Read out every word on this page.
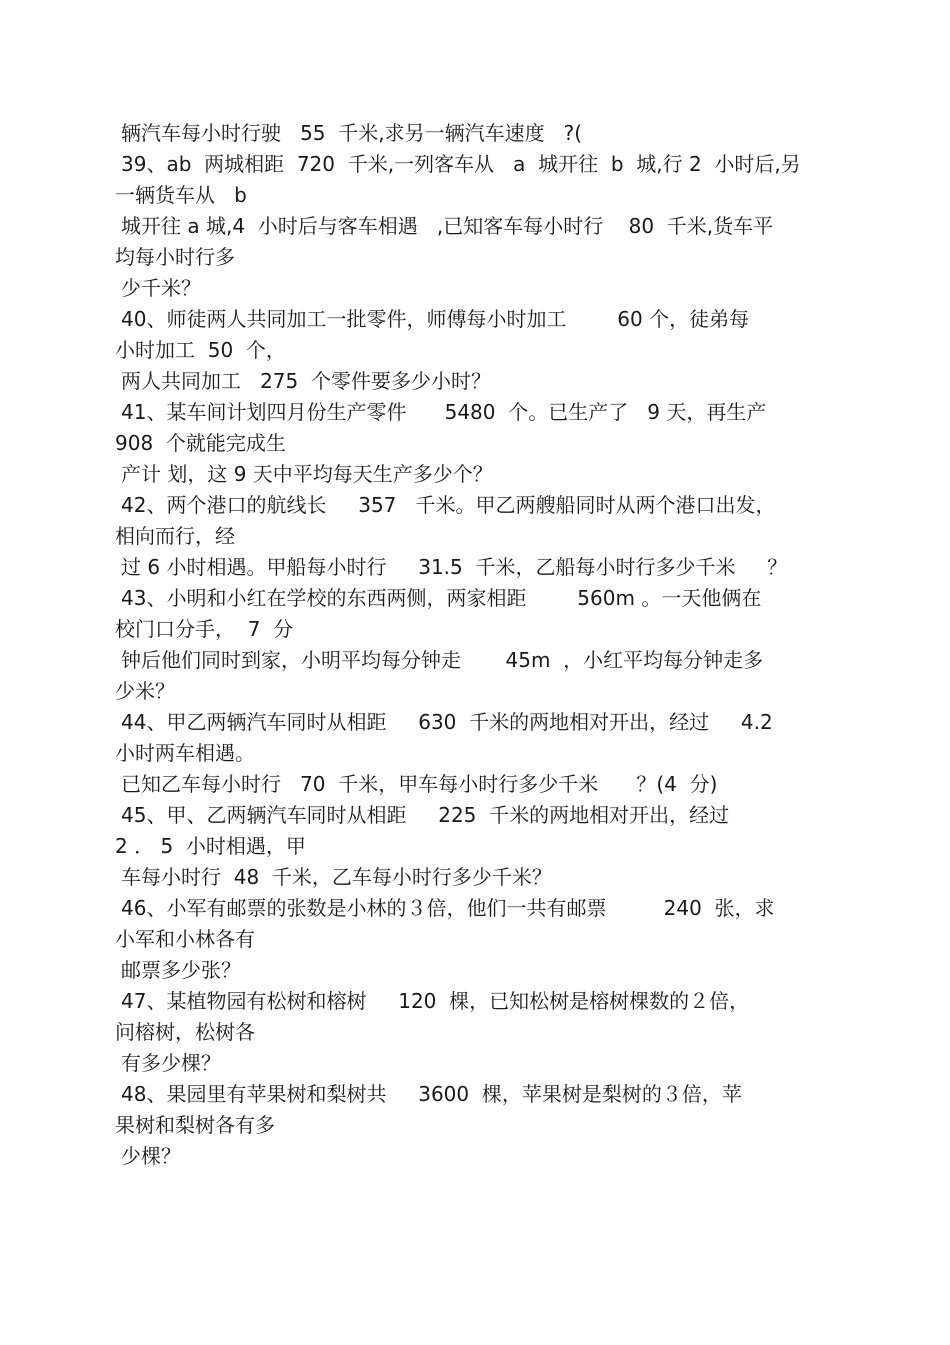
辆汽车每小时行驶   55  千米,求另一辆汽车速度   ?(
39、ab  两城相距  720  千米,一列客车从   a  城开往  b  城,行 2  小时后,另
一辆货车从   b
城开往 a 城,4  小时后与客车相遇   ,已知客车每小时行    80  千米,货车平
均每小时行多
少千米？
40、师徒两人共同加工一批零件，师傅每小时加工        60 个，徒弟每
小时加工  50  个，
两人共同加工   275  个零件要多少小时？
41、某车间计划四月份生产零件      5480  个。已生产了   9 天，再生产
908  个就能完成生
产计 划，这 9 天中平均每天生产多少个？
42、两个港口的航线长     357   千米。甲乙两艘船同时从两个港口出发，
相向而行，经
过 6 小时相遇。甲船每小时行     31.5  千米，乙船每小时行多少千米     ？
43、小明和小红在学校的东西两侧，两家相距        560m 。一天他俩在
校门口分手，  7  分
钟后他们同时到家，小明平均每分钟走       45m  ，小红平均每分钟走多
少米？
44、甲乙两辆汽车同时从相距     630  千米的两地相对开出，经过     4.2
小时两车相遇。
已知乙车每小时行   70  千米，甲车每小时行多少千米      ？(4  分)
45、甲、乙两辆汽车同时从相距     225  千米的两地相对开出，经过
2 ． 5  小时相遇，甲
车每小时行  48  千米，乙车每小时行多少千米？
46、小军有邮票的张数是小林的３倍，他们一共有邮票         240  张，求
小军和小林各有
邮票多少张？
47、某植物园有松树和榕树     120  棵，已知松树是榕树棵数的２倍，
问榕树，松树各
有多少棵？
48、果园里有苹果树和梨树共     3600  棵，苹果树是梨树的３倍，苹
果树和梨树各有多
少棵？
